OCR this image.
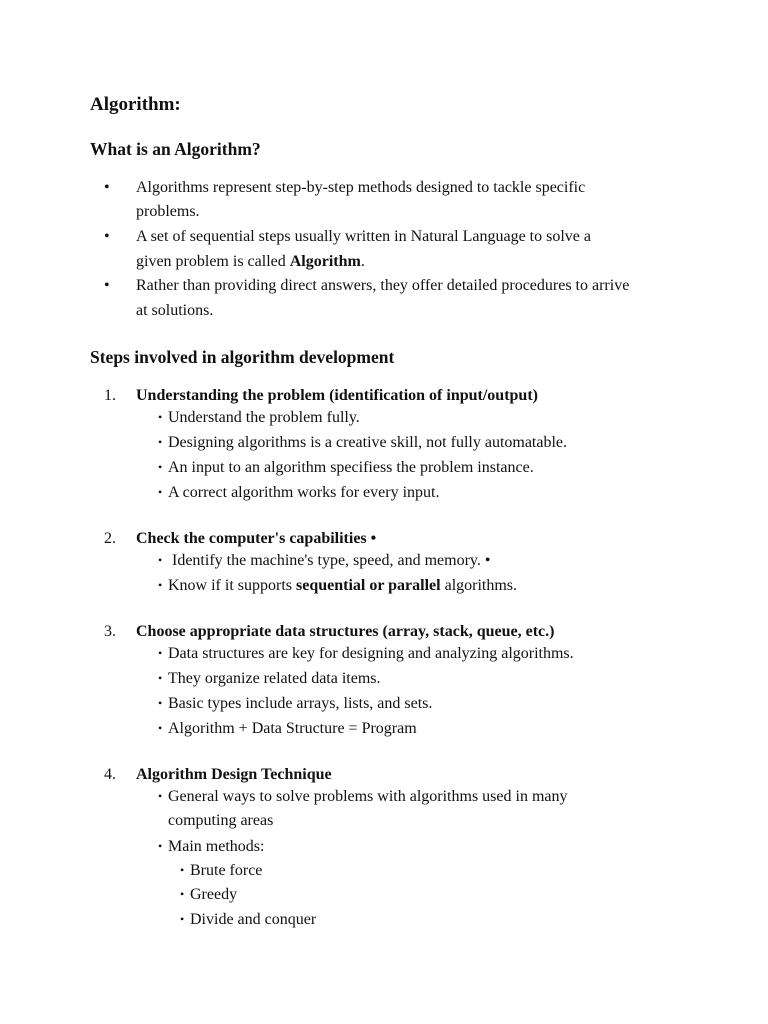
Algorithm:
What is an Algorithm?
• Algorithms represent step-by-step methods designed to tackle specific
problems.
• A set of sequential steps usually written in Natural Language to solve a
given problem is called Algorithm.
• Rather than providing direct answers, they offer detailed procedures to arrive
at solutions.
Steps involved in algorithm development
1. Understanding the problem (identification of input/output)
• Understand the problem fully.
• Designing algorithms is a creative skill, not fully automatable.
• An input to an algorithm specifiess the problem instance.
• A correct algorithm works for every input.
2. Check the computer's capabilities •
• Identify the machine's type, speed, and memory. •
• Know if it supports sequential or parallel algorithms.
3. Choose appropriate data structures (array, stack, queue, etc.)
• Data structures are key for designing and analyzing algorithms.
• They organize related data items.
• Basic types include arrays, lists, and sets.
• Algorithm + Data Structure = Program
4. Algorithm Design Technique
• General ways to solve problems with algorithms used in many
computing areas
• Main methods:
• Brute force
• Greedy
• Divide and conquer
